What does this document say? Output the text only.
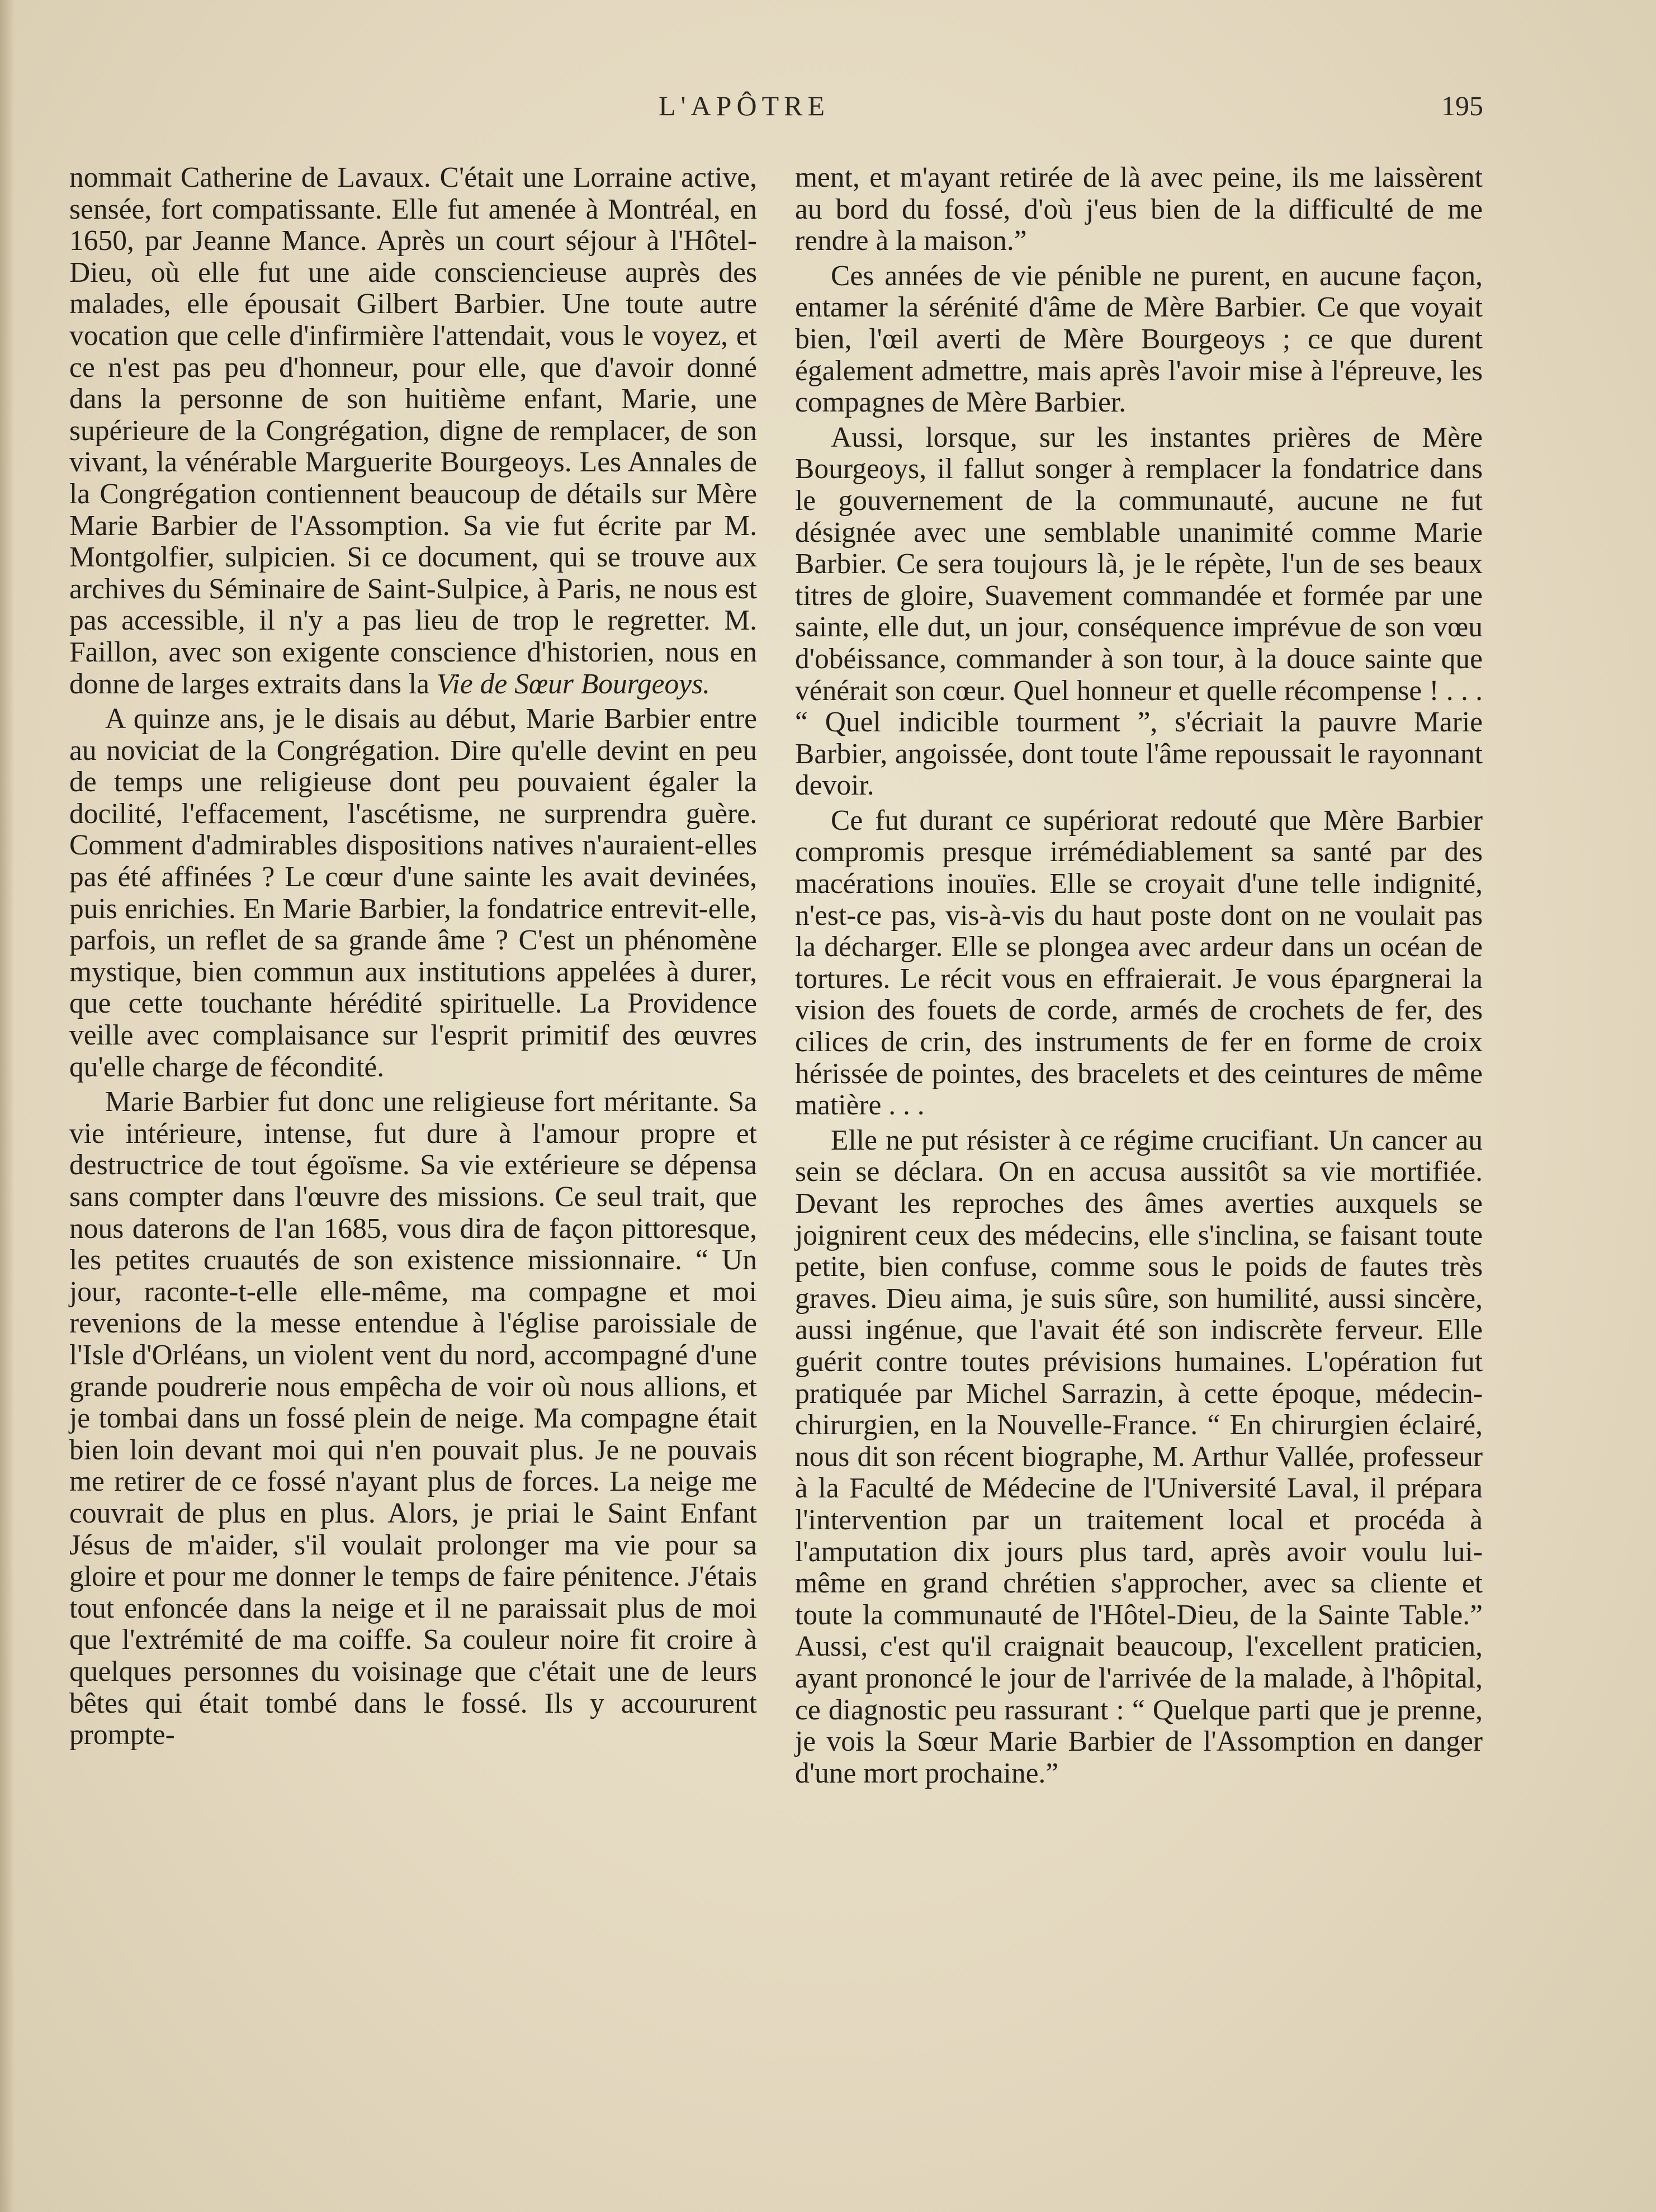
L'APÔTRE	195

nommait Catherine de Lavaux. C'était une Lorraine active, sensée, fort compatissante. Elle fut amenée à Montréal, en 1650, par Jeanne Mance. Après un court séjour à l'Hôtel-Dieu, où elle fut une aide consciencieuse auprès des malades, elle épousait Gilbert Barbier. Une toute autre vocation que celle d'infirmière l'attendait, vous le voyez, et ce n'est pas peu d'honneur, pour elle, que d'avoir donné dans la personne de son huitième enfant, Marie, une supérieure de la Congrégation, digne de remplacer, de son vivant, la vénérable Marguerite Bourgeoys. Les Annales de la Congrégation contiennent beaucoup de détails sur Mère Marie Barbier de l'Assomption. Sa vie fut écrite par M. Montgolfier, sulpicien. Si ce document, qui se trouve aux archives du Séminaire de Saint-Sulpice, à Paris, ne nous est pas accessible, il n'y a pas lieu de trop le regretter. M. Faillon, avec son exigente conscience d'historien, nous en donne de larges extraits dans la Vie de Sœur Bourgeoys.

A quinze ans, je le disais au début, Marie Barbier entre au noviciat de la Congrégation. Dire qu'elle devint en peu de temps une religieuse dont peu pouvaient égaler la docilité, l'effacement, l'ascétisme, ne surprendra guère. Comment d'admirables dispositions natives n'auraient-elles pas été affinées ? Le cœur d'une sainte les avait devinées, puis enrichies. En Marie Barbier, la fondatrice entrevit-elle, parfois, un reflet de sa grande âme ? C'est un phénomène mystique, bien commun aux institutions appelées à durer, que cette touchante hérédité spirituelle. La Providence veille avec complaisance sur l'esprit primitif des œuvres qu'elle charge de fécondité.

Marie Barbier fut donc une religieuse fort méritante. Sa vie intérieure, intense, fut dure à l'amour propre et destructrice de tout égoïsme. Sa vie extérieure se dépensa sans compter dans l'œuvre des missions. Ce seul trait, que nous daterons de l'an 1685, vous dira de façon pittoresque, les petites cruautés de son existence missionnaire. “ Un jour, raconte-t-elle elle-même, ma compagne et moi revenions de la messe entendue à l'église paroissiale de l'Isle d'Orléans, un violent vent du nord, accompagné d'une grande poudrerie nous empêcha de voir où nous allions, et je tombai dans un fossé plein de neige. Ma compagne était bien loin devant moi qui n'en pouvait plus. Je ne pouvais me retirer de ce fossé n'ayant plus de forces. La neige me couvrait de plus en plus. Alors, je priai le Saint Enfant Jésus de m'aider, s'il voulait prolonger ma vie pour sa gloire et pour me donner le temps de faire pénitence. J'étais tout enfoncée dans la neige et il ne paraissait plus de moi que l'extrémité de ma coiffe. Sa couleur noire fit croire à quelques personnes du voisinage que c'était une de leurs bêtes qui était tombé dans le fossé. Ils y accoururent prompte-

ment, et m'ayant retirée de là avec peine, ils me laissèrent au bord du fossé, d'où j'eus bien de la difficulté de me rendre à la maison.”

Ces années de vie pénible ne purent, en aucune façon, entamer la sérénité d'âme de Mère Barbier. Ce que voyait bien, l'œil averti de Mère Bourgeoys ; ce que durent également admettre, mais après l'avoir mise à l'épreuve, les compagnes de Mère Barbier.

Aussi, lorsque, sur les instantes prières de Mère Bourgeoys, il fallut songer à remplacer la fondatrice dans le gouvernement de la communauté, aucune ne fut désignée avec une semblable unanimité comme Marie Barbier. Ce sera toujours là, je le répète, l'un de ses beaux titres de gloire, Suavement commandée et formée par une sainte, elle dut, un jour, conséquence imprévue de son vœu d'obéissance, commander à son tour, à la douce sainte que vénérait son cœur. Quel honneur et quelle récompense ! . . . “ Quel indicible tourment ”, s'écriait la pauvre Marie Barbier, angoissée, dont toute l'âme repoussait le rayonnant devoir.

Ce fut durant ce supériorat redouté que Mère Barbier compromis presque irrémédiablement sa santé par des macérations inouïes. Elle se croyait d'une telle indignité, n'est-ce pas, vis-à-vis du haut poste dont on ne voulait pas la décharger. Elle se plongea avec ardeur dans un océan de tortures. Le récit vous en effraierait. Je vous épargnerai la vision des fouets de corde, armés de crochets de fer, des cilices de crin, des instruments de fer en forme de croix hérissée de pointes, des bracelets et des ceintures de même matière . . .

Elle ne put résister à ce régime crucifiant. Un cancer au sein se déclara. On en accusa aussitôt sa vie mortifiée. Devant les reproches des âmes averties auxquels se joignirent ceux des médecins, elle s'inclina, se faisant toute petite, bien confuse, comme sous le poids de fautes très graves. Dieu aima, je suis sûre, son humilité, aussi sincère, aussi ingénue, que l'avait été son indiscrète ferveur. Elle guérit contre toutes prévisions humaines. L'opération fut pratiquée par Michel Sarrazin, à cette époque, médecin-chirurgien, en la Nouvelle-France. “ En chirurgien éclairé, nous dit son récent biographe, M. Arthur Vallée, professeur à la Faculté de Médecine de l'Université Laval, il prépara l'intervention par un traitement local et procéda à l'amputation dix jours plus tard, après avoir voulu lui-même en grand chrétien s'approcher, avec sa cliente et toute la communauté de l'Hôtel-Dieu, de la Sainte Table.” Aussi, c'est qu'il craignait beaucoup, l'excellent praticien, ayant prononcé le jour de l'arrivée de la malade, à l'hôpital, ce diagnostic peu rassurant : “ Quelque parti que je prenne, je vois la Sœur Marie Barbier de l'Assomption en danger d'une mort prochaine.”
